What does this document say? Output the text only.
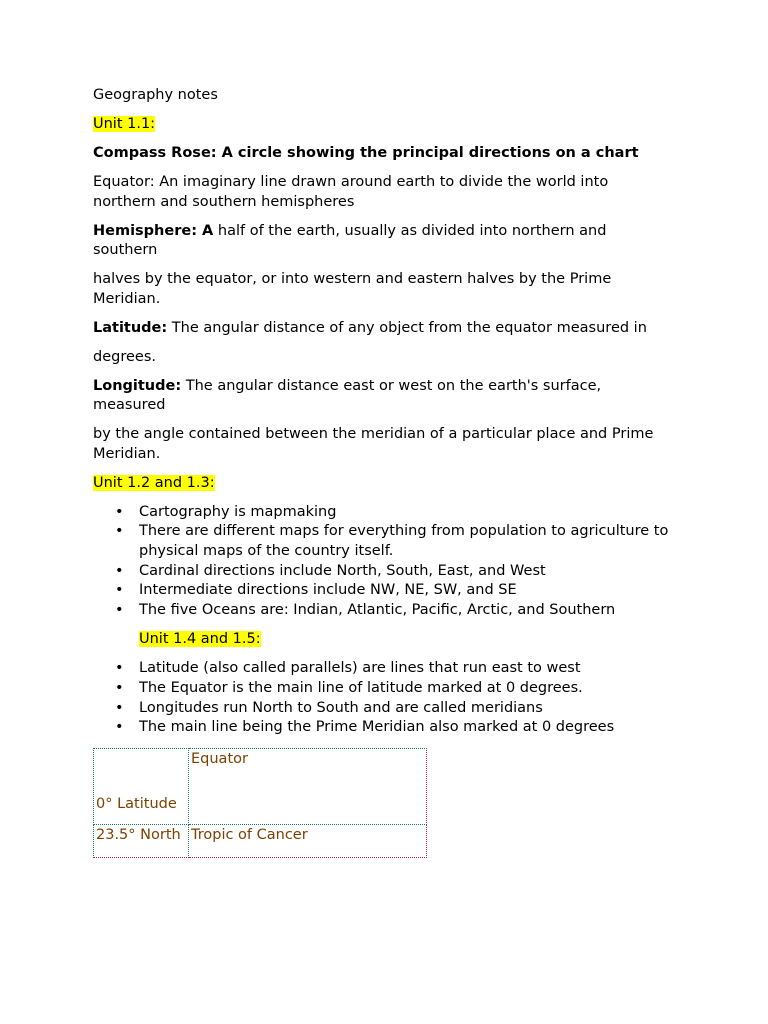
Geography notes

Unit 1.1:

Compass Rose: A circle showing the principal directions on a chart

Equator: An imaginary line drawn around earth to divide the world into northern and southern hemispheres

Hemisphere: A half of the earth, usually as divided into northern and southern

halves by the equator, or into western and eastern halves by the Prime Meridian.

Latitude: The angular distance of any object from the equator measured in

degrees.

Longitude: The angular distance east or west on the earth's surface, measured

by the angle contained between the meridian of a particular place and Prime Meridian.

Unit 1.2 and 1.3:

• Cartography is mapmaking
• There are different maps for everything from population to agriculture to physical maps of the country itself.
• Cardinal directions include North, South, East, and West
• Intermediate directions include NW, NE, SW, and SE
• The five Oceans are: Indian, Atlantic, Pacific, Arctic, and Southern

Unit 1.4 and 1.5:

• Latitude (also called parallels) are lines that run east to west
• The Equator is the main line of latitude marked at 0 degrees.
• Longitudes run North to South and are called meridians
• The main line being the Prime Meridian also marked at 0 degrees
0° Latitude	Equator
23.5° North	Tropic of Cancer
